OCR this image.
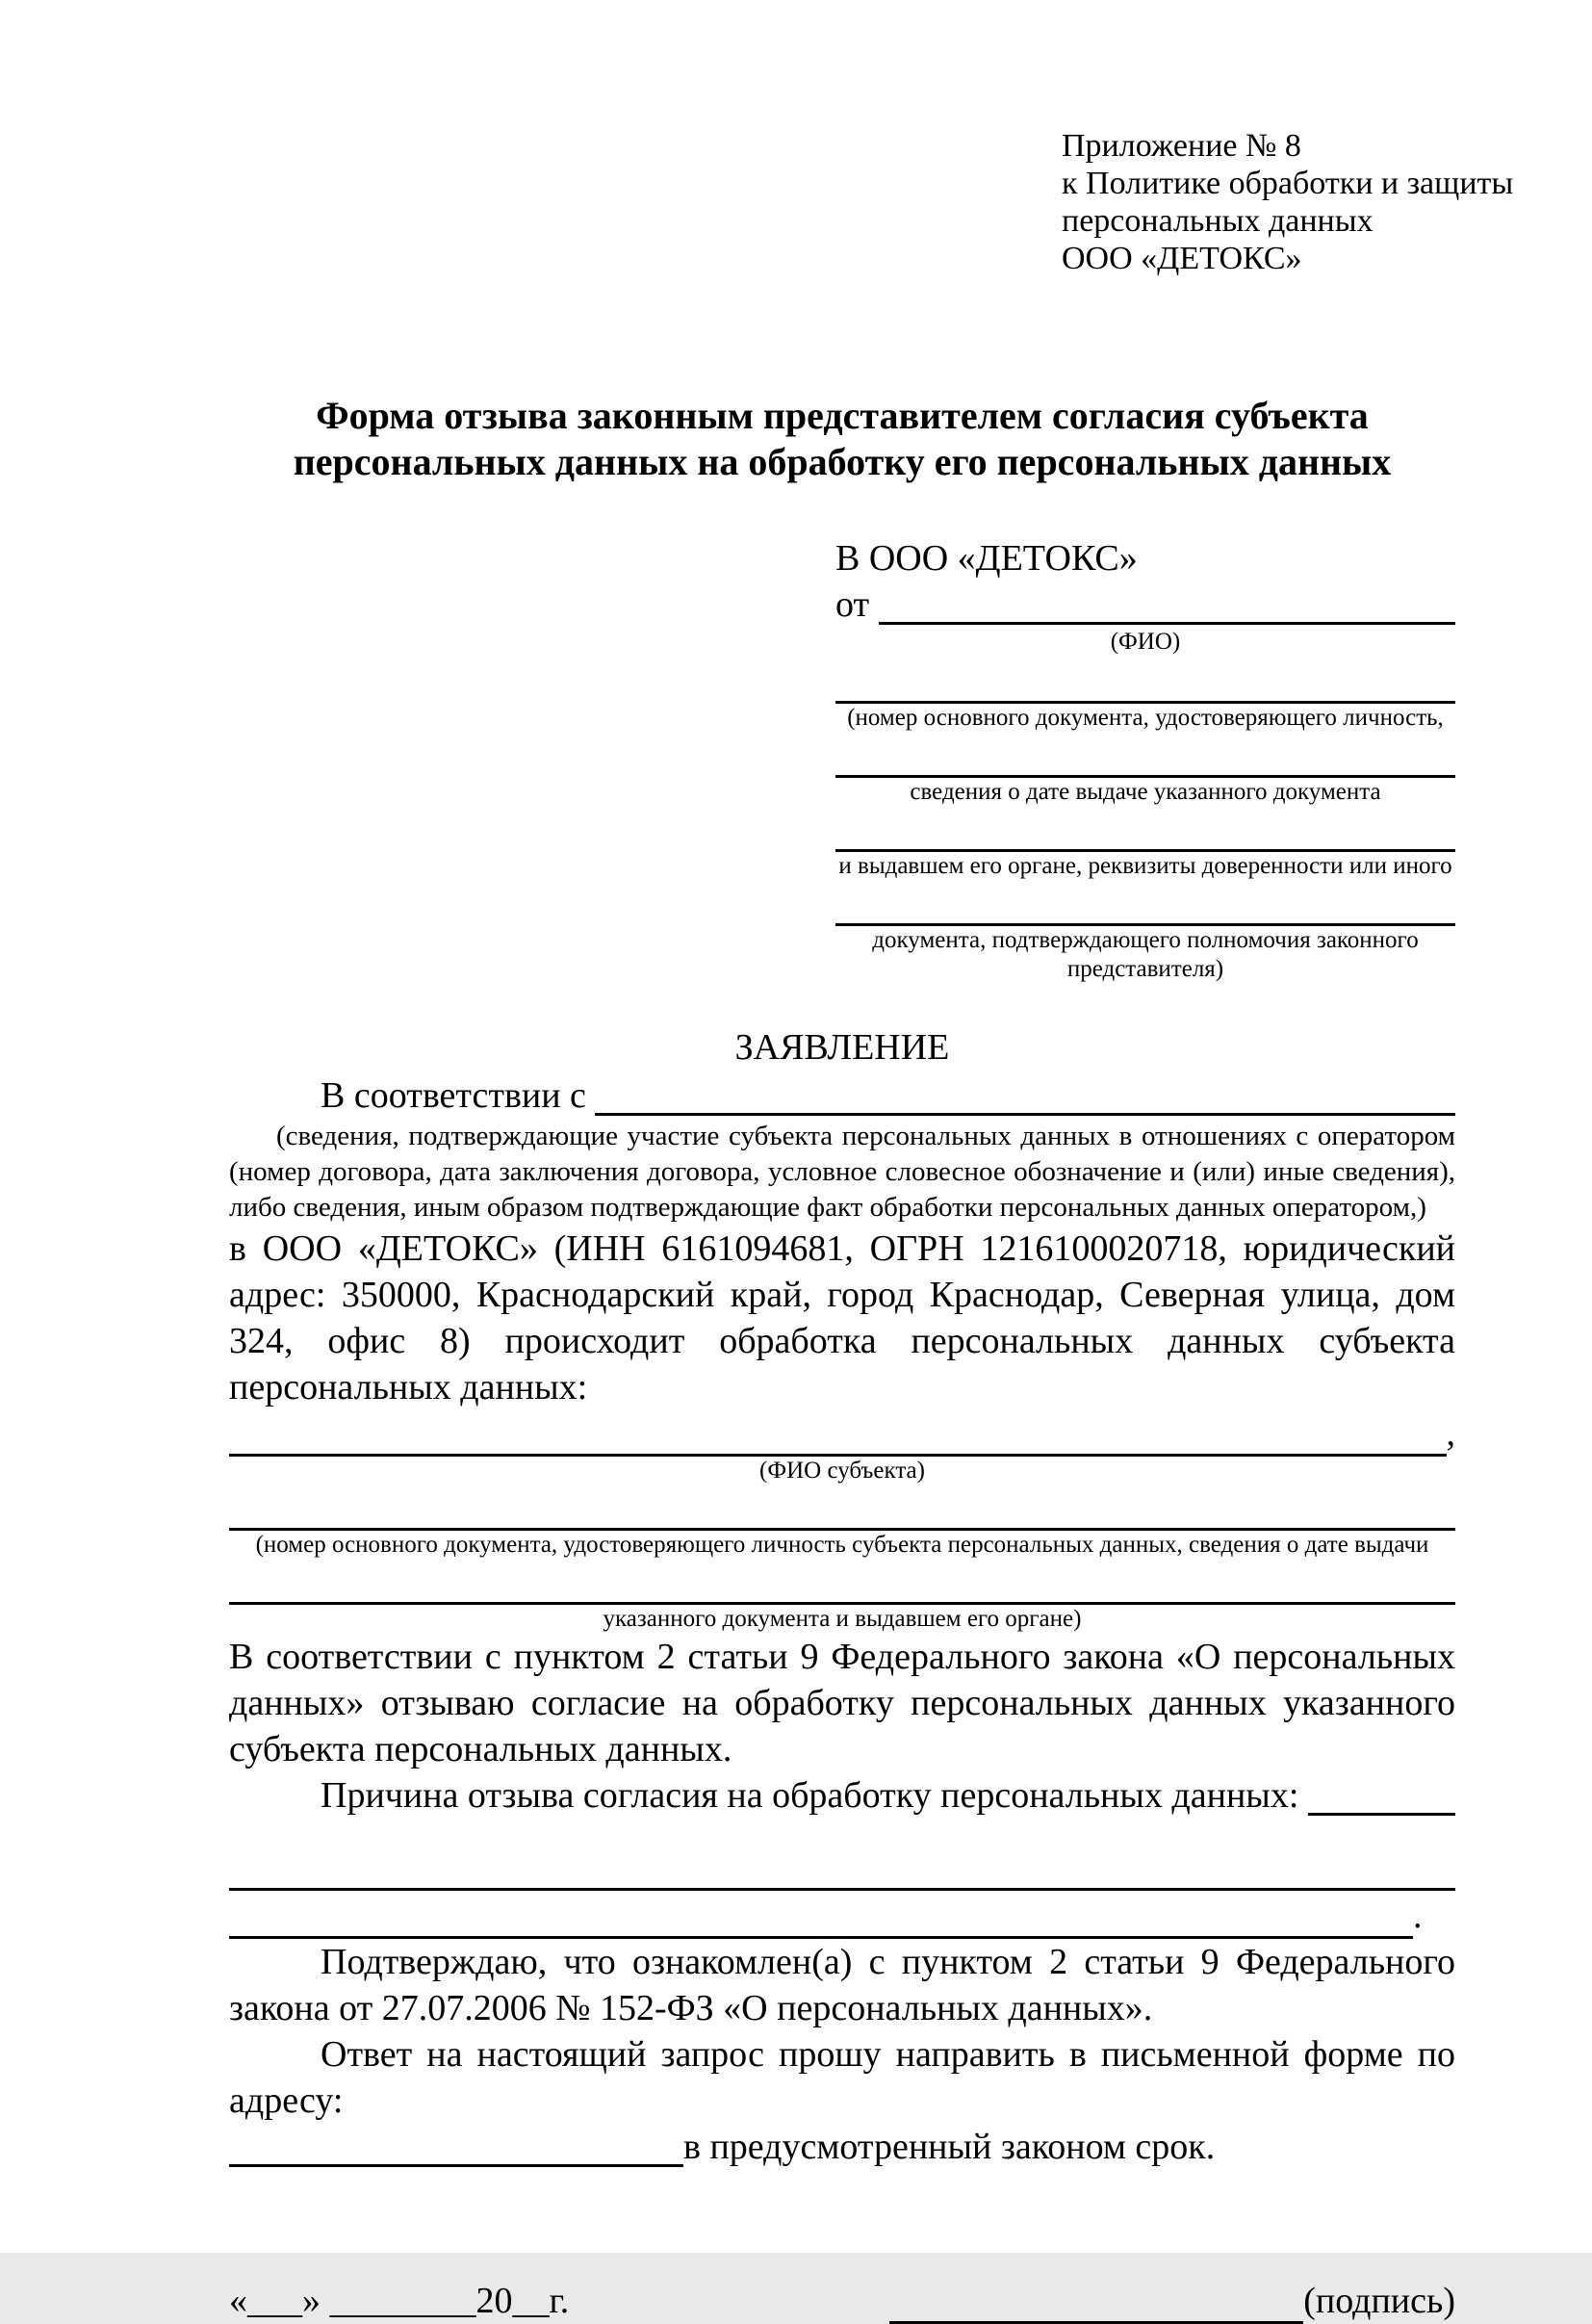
Приложение № 8
к Политике обработки и защиты
персональных данных
ООО «ДЕТОКС»
Форма отзыва законным представителем согласия субъекта персональных данных на обработку его персональных данных
В ООО «ДЕТОКС»
от
(ФИО)
(номер основного документа, удостоверяющего личность,
сведения о дате выдаче указанного документа
и выдавшем его органе, реквизиты доверенности или иного
документа, подтверждающего полномочия законного представителя)
ЗАЯВЛЕНИЕ
В соответствии с
(сведения, подтверждающие участие субъекта персональных данных в отношениях с оператором (номер договора, дата заключения договора, условное словесное обозначение и (или) иные сведения), либо сведения, иным образом подтверждающие факт обработки персональных данных оператором,)
в ООО «ДЕТОКС» (ИНН 6161094681, ОГРН 1216100020718, юридический адрес: 350000, Краснодарский край, город Краснодар, Северная улица, дом 324, офис 8) происходит обработка персональных данных субъекта персональных данных:
,
(ФИО субъекта)
(номер основного документа, удостоверяющего личность субъекта персональных данных, сведения о дате выдачи
указанного документа и выдавшем его органе)
В соответствии с пунктом 2 статьи 9 Федерального закона «О персональных данных» отзываю согласие на обработку персональных данных указанного субъекта персональных данных.
Причина отзыва согласия на обработку персональных данных:
.
Подтверждаю, что ознакомлен(а) с пунктом 2 статьи 9 Федерального закона от 27.07.2006 № 152-ФЗ «О персональных данных».
Ответ на настоящий запрос прошу направить в письменной форме по адресу:
в предусмотренный законом срок.
«___» ________20__г.	(подпись)
